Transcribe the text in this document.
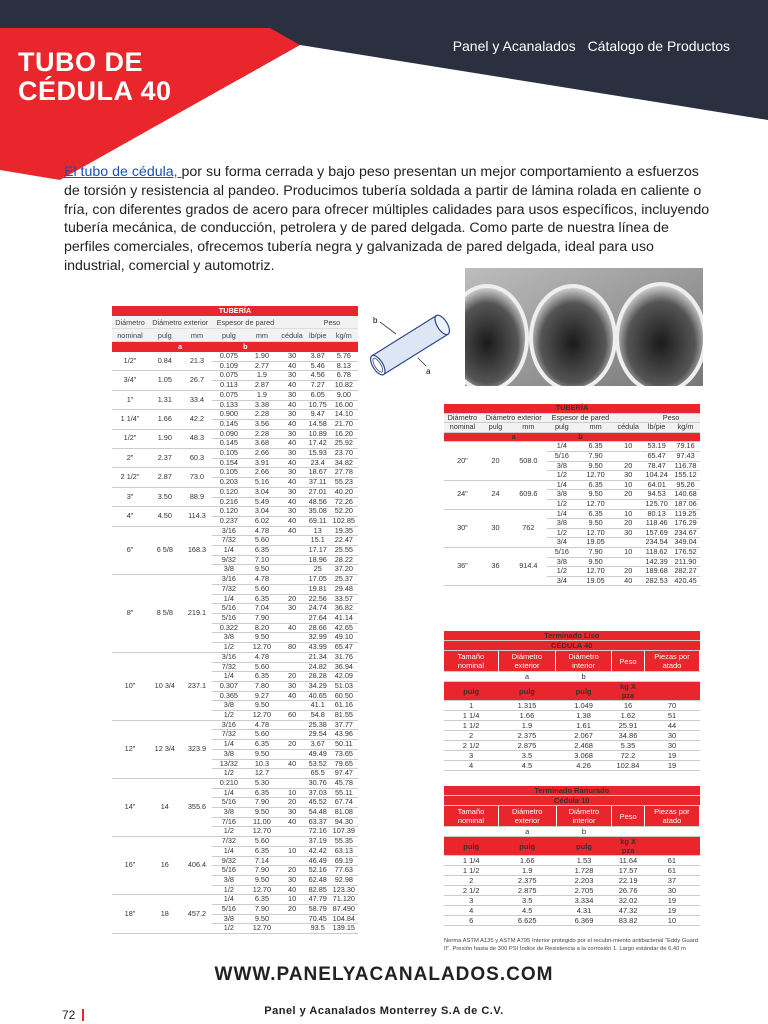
TUBO DE
CÉDULA 40
Panel y Acanalados Cátalogo de Productos
El tubo de cédula, por su forma cerrada y bajo peso presentan un mejor comportamiento a esfuerzos de torsión y resistencia al pandeo. Producimos tubería soldada a partir de lámina rolada en caliente o fría, con diferentes grados de acero para ofrecer múltiples calidades para usos específicos, incluyendo tubería mecánica, de conducción, petrolera y de pared delgada. Como parte de nuestra línea de perfiles comerciales, ofrecemos tubería negra y galvanizada de pared delgada, ideal para uso industrial, comercial y automotriz.
b
a
TUBERÍA							
Diámetro	Diámetro exterior		Espesor de pared			Peso	
nominal	pulg	mm	pulg	mm	cédula	lb/pie	kg/m
	a		b				
1/2"	0.84	21.3	0.075	1.90	30	3.87	5.76
			0.109	2.77	40	5.46	8.13
3/4"	1.05	26.7	0.075	1.9	30	4.56	6.78
			0.113	2.87	40	7.27	10.82
1"	1.31	33.4	0.075	1.9	30	6.05	9.00
			0.133	3.38	40	10.75	16.00
1 1/4"	1.66	42.2	0.900	2.28	30	9.47	14.10
			0.145	3.56	40	14.58	21.70
1/2"	1.90	48.3	0.090	2.28	30	10.89	16.20
			0.145	3.68	40	17.42	25.92
2"	2.37	60.3	0.105	2.66	30	15.93	23.70
			0.154	3.91	40	23.4	34.82
2 1/2"	2.87	73.0	0.105	2.66	30	18.67	27.78
			0.203	5.16	40	37.11	55.23
3"	3.50	88.9	0.120	3.04	30	27.01	40.20
			0.216	5.49	40	48.56	72.26
4"	4.50	114.3	0.120	3.04	30	35.08	52.20
			0.237	6.02	40	69.11	102.85
6"	6 5/8	168.3	3/16	4.78	40	13	19.35
			7/32	5.60		15.1	22.47
			1/4	6.35		17.17	25.55
			9/32	7.10		18.96	28.22
			3/8	9.50		25	37.20
8"	8 5/8	219.1	3/16	4.78		17.05	25.37
			7/32	5.60		19.81	29.48
			1/4	6.35	20	22.56	33.57
			5/16	7.04	30	24.74	36.82
			5/16	7.90		27.64	41.14
			0.322	8.20	40	28.66	42.65
			3/8	9.50		32.99	49.10
			1/2	12.70	80	43.99	65.47
10"	10 3/4	237.1	3/16	4.78		21.34	31.76
			7/32	5.60		24.82	36.94
			1/4	6.35	20	28.28	42.09
			0.307	7.80	30	34.29	51.03
			0.365	9.27	40	40.65	60.50
			3/8	9.50		41.1	61.16
			1/2	12.70	60	54.8	81.55
12"	12 3/4	323.9	3/16	4.78		25.38	37.77
			7/32	5.60		29.54	43.96
			1/4	6.35	20	3.67	50.11
			3/8	9.50		49.49	73.65
			13/32	10.3	40	53.52	79.65
			1/2	12.7		65.5	97.47
14"	14	355.6	0.210	5.30		30.76	45.78
			1/4	6.35	10	37.03	55.11
			5/16	7.90	20	45.52	67.74
			3/8	9.50	30	54.48	81.08
			7/16	11.00	40	63.37	94.30
			1/2	12.70		72.16	107.39
16"	16	406.4	7/32	5.60		37.19	55.35
			1/4	6.35	10	42.42	63.13
			9/32	7.14		46.49	69.19
			5/16	7.90	20	52.16	77.63
			3/8	9.50	30	62.48	92.98
			1/2	12.70	40	82.85	123.30
18"	18	457.2	1/4	6.35	10	47.79	71.120
			5/16	7.90	20	58.79	87.490
			3/8	9.50		70.45	104.84
			1/2	12.70		93.5	139.15
TUBERÍA							
Diámetro	Diámetro exterior		Espesor de pared			Peso	
nominal	pulg	mm	pulg	mm	cédula	lb/pie	kg/m
	a		b				
20"	20	508.0	1/4	6.35	10	53.19	79.16
			5/16	7.90		65.47	97.43
			3/8	9.50	20	78.47	116.78
			1/2	12.70	30	104.24	155.12
24"	24	609.6	1/4	6.35	10	64.01	95.26
			3/8	9.50	20	94.53	140.68
			1/2	12.70		125.70	187.06
30"	30	762	1/4	6.35	10	80.13	119.25
			3/8	9.50	20	118.46	176.29
			1/2	12.70	30	157.69	234.67
			3/4	19.05		234.54	349.04
36"	36	914.4	5/16	7.90	10	118.62	176.52
			3/8	9.50		142.39	211.90
			1/2	12.70	20	189.68	282.27
			3/4	19.05	40	282.53	420.45
Terminado Liso				
CÉDULA 40				
Tamaño nominal	Diámetro exterior	Diámetro interior	Peso	Piezas por atado
	a	b		
pulg	pulg	pulg	kg X pza	
1	1.315	1.049	16	70
1 1/4	1.66	1.38	1.62	51
1 1/2	1.9	1.61	25.91	44
2	2.375	2.067	34.86	30
2 1/2	2.875	2.468	5.35	30
3	3.5	3.068	72.2	19
4	4.5	4.26	102.84	19
Terminado Ranurado				
Cédula 10				
Tamaño nominal	Diámetro exterior	Diámetro interior	Peso	Piezas por atado
	a	b		
pulg	pulg	pulg	kg X pza	
1 1/4	1.66	1.53	11.64	61
1 1/2	1.9	1.728	17.57	61
2	2.375	2.203	22.19	37
2 1/2	2.875	2.705	26.76	30
3	3.5	3.334	32.02	19
4	4.5	4.31	47.32	19
6	6.625	6.369	83.82	10
Norma ASTM A135 y ASTM A795 Interior protegido por el recubri-miento antibacterial "Eddy Guard II". Presión hasta de 300 PSI Índice de Resistencia a la corrosión 1. Largo estándar de 6.40 m
WWW.PANELYACANALADOS.COM
72	Panel y Acanalados Monterrey S.A de C.V.
